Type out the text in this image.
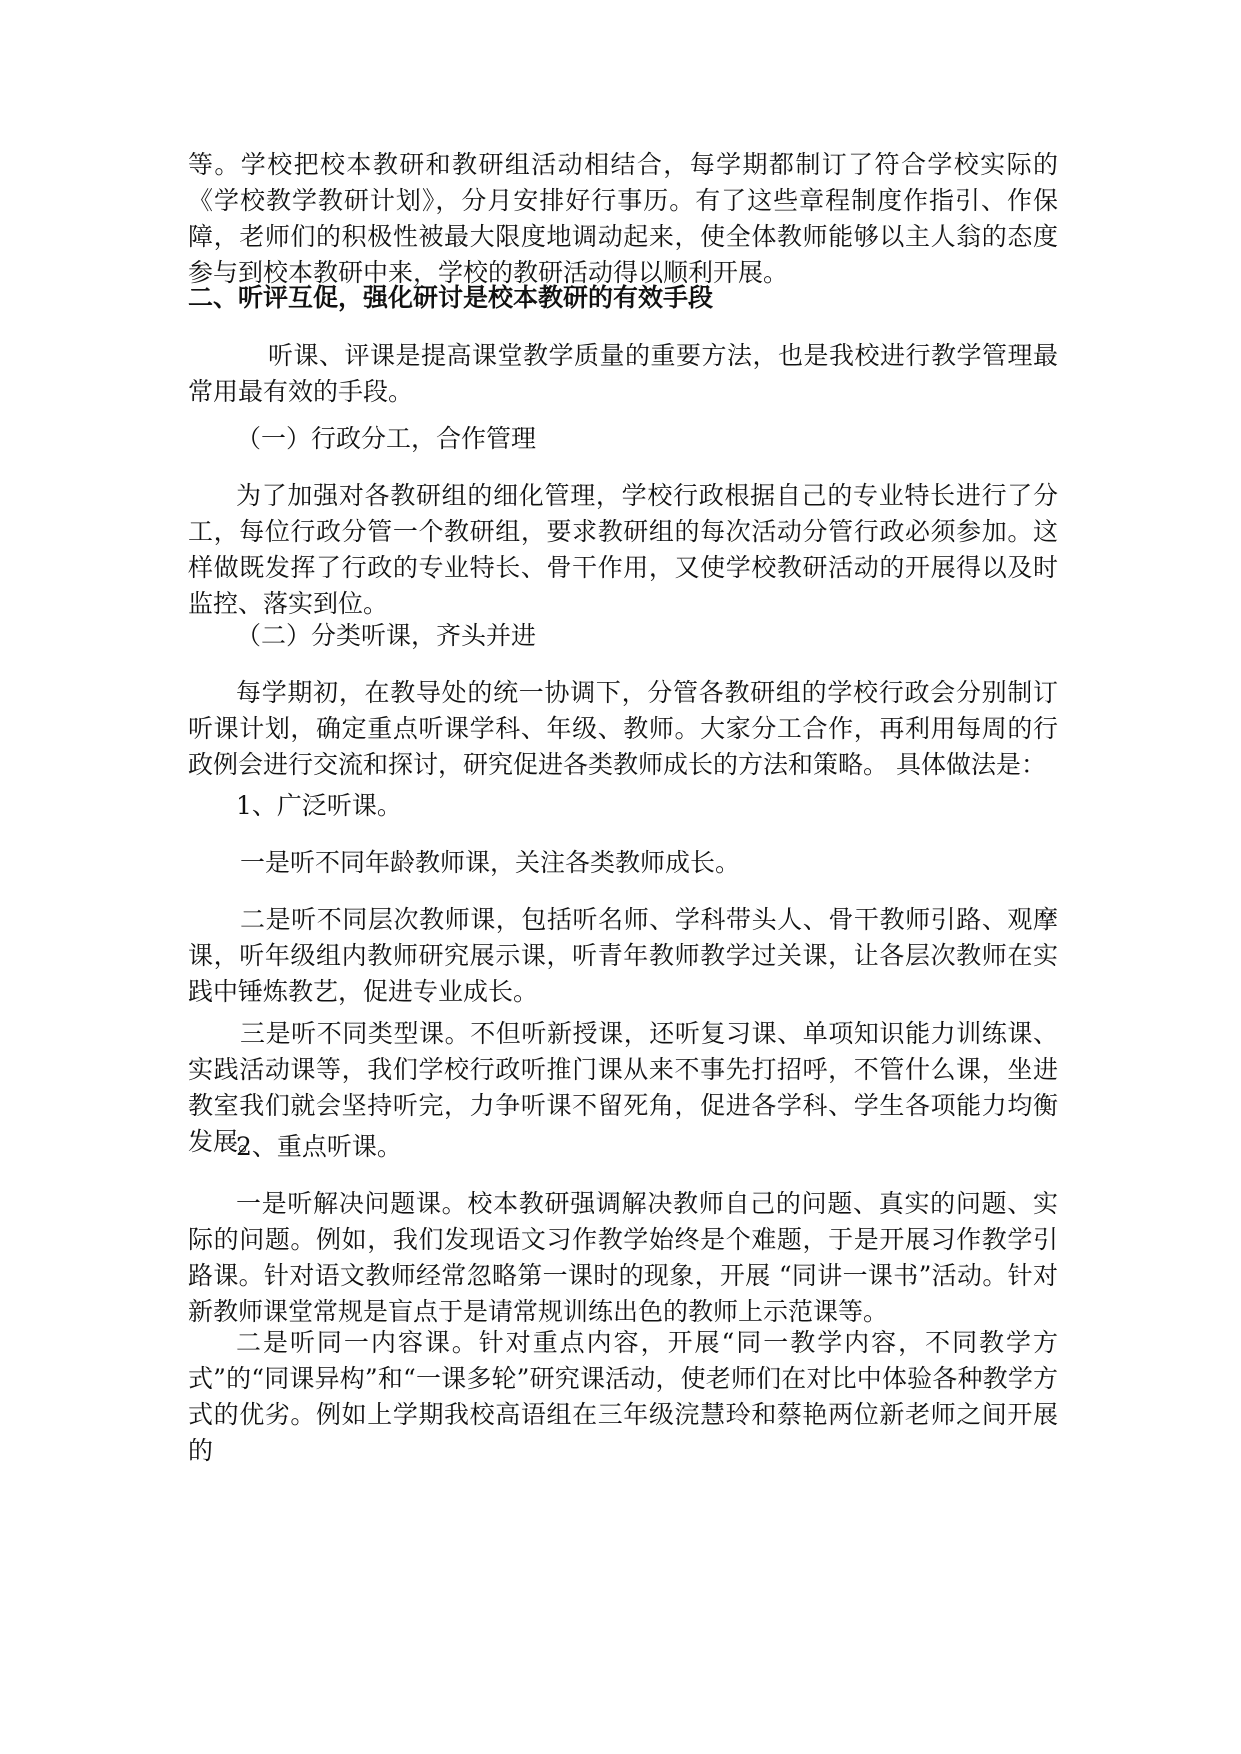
等。学校把校本教研和教研组活动相结合，每学期都制订了符合学校实际的《学校教学教研计划》，分月安排好行事历。有了这些章程制度作指引、作保障，老师们的积极性被最大限度地调动起来，使全体教师能够以主人翁的态度参与到校本教研中来，学校的教研活动得以顺利开展。

二、听评互促，强化研讨是校本教研的有效手段

听课、评课是提高课堂教学质量的重要方法，也是我校进行教学管理最常用最有效的手段。

（一）行政分工，合作管理

为了加强对各教研组的细化管理，学校行政根据自己的专业特长进行了分工，每位行政分管一个教研组，要求教研组的每次活动分管行政必须参加。这样做既发挥了行政的专业特长、骨干作用，又使学校教研活动的开展得以及时监控、落实到位。

（二）分类听课，齐头并进

每学期初，在教导处的统一协调下，分管各教研组的学校行政会分别制订听课计划，确定重点听课学科、年级、教师。大家分工合作，再利用每周的行政例会进行交流和探讨，研究促进各类教师成长的方法和策略。 具体做法是：

1、广泛听课。

一是听不同年龄教师课，关注各类教师成长。

二是听不同层次教师课，包括听名师、学科带头人、骨干教师引路、观摩课，听年级组内教师研究展示课，听青年教师教学过关课，让各层次教师在实践中锤炼教艺，促进专业成长。

三是听不同类型课。不但听新授课，还听复习课、单项知识能力训练课、实践活动课等，我们学校行政听推门课从来不事先打招呼，不管什么课，坐进教室我们就会坚持听完，力争听课不留死角，促进各学科、学生各项能力均衡发展。

2、重点听课。

一是听解决问题课。校本教研强调解决教师自己的问题、真实的问题、实际的问题。例如，我们发现语文习作教学始终是个难题，于是开展习作教学引路课。针对语文教师经常忽略第一课时的现象，开展 “同讲一课书”活动。针对新教师课堂常规是盲点于是请常规训练出色的教师上示范课等。

二是听同一内容课。针对重点内容，开展“同一教学内容，不同教学方式”的“同课异构”和“一课多轮”研究课活动，使老师们在对比中体验各种教学方式的优劣。例如上学期我校高语组在三年级浣慧玲和蔡艳两位新老师之间开展的
